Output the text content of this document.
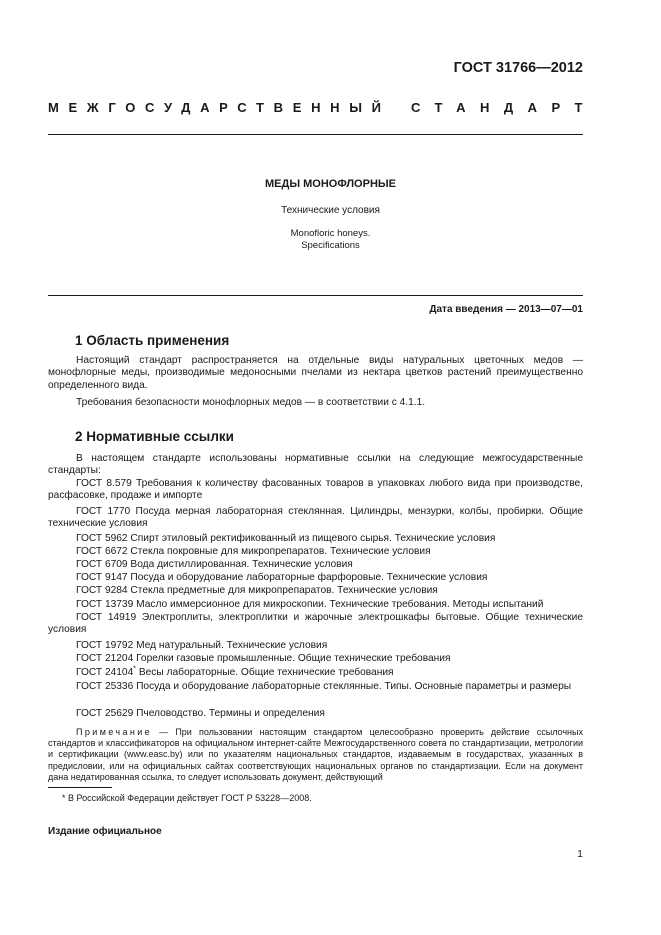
ГОСТ 31766—2012
МЕЖГОСУДАРСТВЕННЫЙ СТАНДАРТ
МЕДЫ МОНОФЛОРНЫЕ
Технические условия
Monofloric honeys.
Specifications
Дата введения — 2013—07—01
1 Область применения

Настоящий стандарт распространяется на отдельные виды натуральных цветочных медов — монофлорные меды, производимые медоносными пчелами из нектара цветков растений преимущественно определенного вида.

Требования безопасности монофлорных медов — в соответствии с 4.1.1.

2 Нормативные ссылки

В настоящем стандарте использованы нормативные ссылки на следующие межгосударственные стандарты:

ГОСТ 8.579 Требования к количеству фасованных товаров в упаковках любого вида при производстве, расфасовке, продаже и импорте

ГОСТ 1770 Посуда мерная лабораторная стеклянная. Цилиндры, мензурки, колбы, пробирки. Общие технические условия

ГОСТ 5962 Спирт этиловый ректификованный из пищевого сырья. Технические условия

ГОСТ 6672 Стекла покровные для микропрепаратов. Технические условия

ГОСТ 6709 Вода дистиллированная. Технические условия

ГОСТ 9147 Посуда и оборудование лабораторные фарфоровые. Технические условия

ГОСТ 9284 Стекла предметные для микропрепаратов. Технические условия

ГОСТ 13739 Масло иммерсионное для микроскопии. Технические требования. Методы испытаний

ГОСТ 14919 Электроплиты, электроплитки и жарочные электрошкафы бытовые. Общие технические условия

ГОСТ 19792 Мед натуральный. Технические условия

ГОСТ 21204 Горелки газовые промышленные. Общие технические требования

ГОСТ 24104* Весы лабораторные. Общие технические требования

ГОСТ 25336 Посуда и оборудование лабораторные стеклянные. Типы. Основные параметры и размеры

ГОСТ 25629 Пчеловодство. Термины и определения

Примечание — При пользовании настоящим стандартом целесообразно проверить действие ссылочных стандартов и классификаторов на официальном интернет-сайте Межгосударственного совета по стандартизации, метрологии и сертификации (www.easc.by) или по указателям национальных стандартов, издаваемым в государствах, указанных в предисловии, или на официальных сайтах соответствующих национальных органов по стандартизации. Если на документ дана недатированная ссылка, то следует использовать документ, действующий

* В Российской Федерации действует ГОСТ Р 53228—2008.
Издание официальное
1
